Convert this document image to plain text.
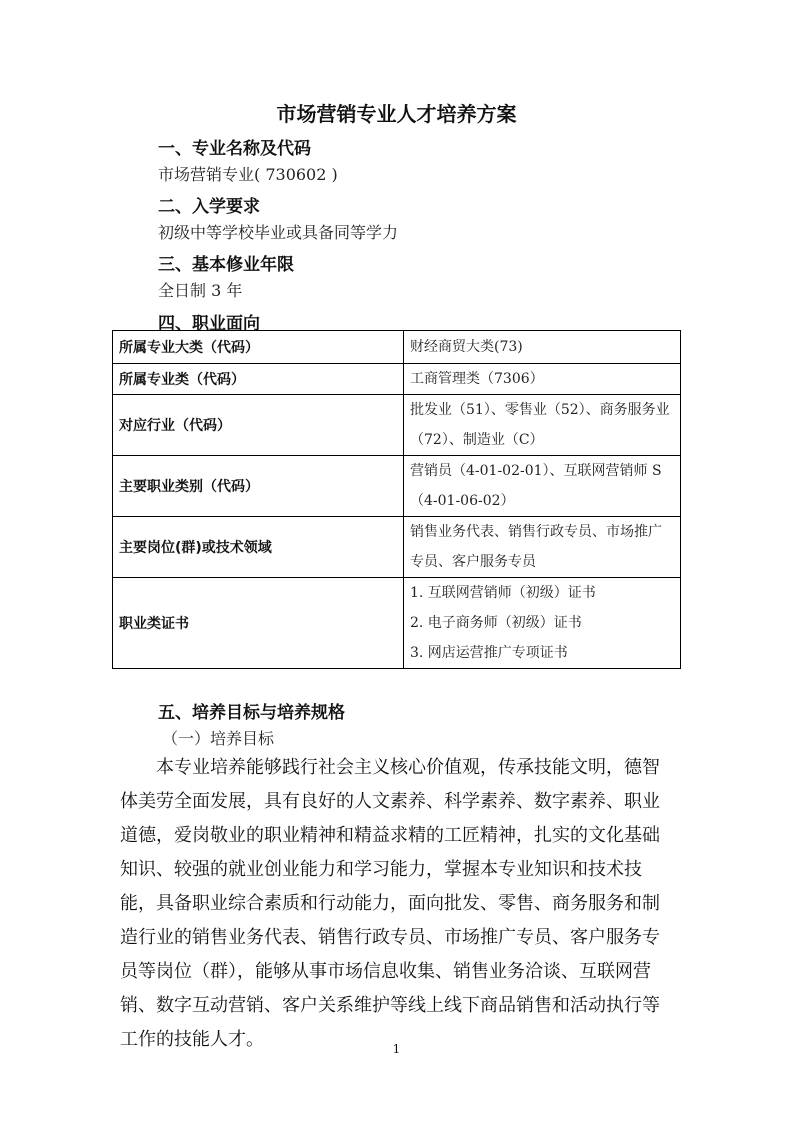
市场营销专业人才培养方案
一、专业名称及代码
市场营销专业( 730602 )
二、入学要求
初级中等学校毕业或具备同等学力
三、基本修业年限
全日制 3 年
四、职业面向
所属专业大类（代码）	财经商贸大类(73)
所属专业类（代码）	工商管理类（7306）
对应行业（代码）	批发业（51）、零售业（52）、商务服务业（72）、制造业（C）
主要职业类别（代码）	营销员（4-01-02-01）、互联网营销师 S（4-01-06-02）
主要岗位(群)或技术领域	销售业务代表、销售行政专员、市场推广专员、客户服务专员
职业类证书	1. 互联网营销师（初级）证书
2. 电子商务师（初级）证书
3. 网店运营推广专项证书
五、培养目标与培养规格
（一）培养目标
本专业培养能够践行社会主义核心价值观，传承技能文明，德智体美劳全面发展，具有良好的人文素养、科学素养、数字素养、职业道德，爱岗敬业的职业精神和精益求精的工匠精神，扎实的文化基础知识、较强的就业创业能力和学习能力，掌握本专业知识和技术技能，具备职业综合素质和行动能力，面向批发、零售、商务服务和制造行业的销售业务代表、销售行政专员、市场推广专员、客户服务专员等岗位（群），能够从事市场信息收集、销售业务洽谈、互联网营销、数字互动营销、客户关系维护等线上线下商品销售和活动执行等工作的技能人才。	1
